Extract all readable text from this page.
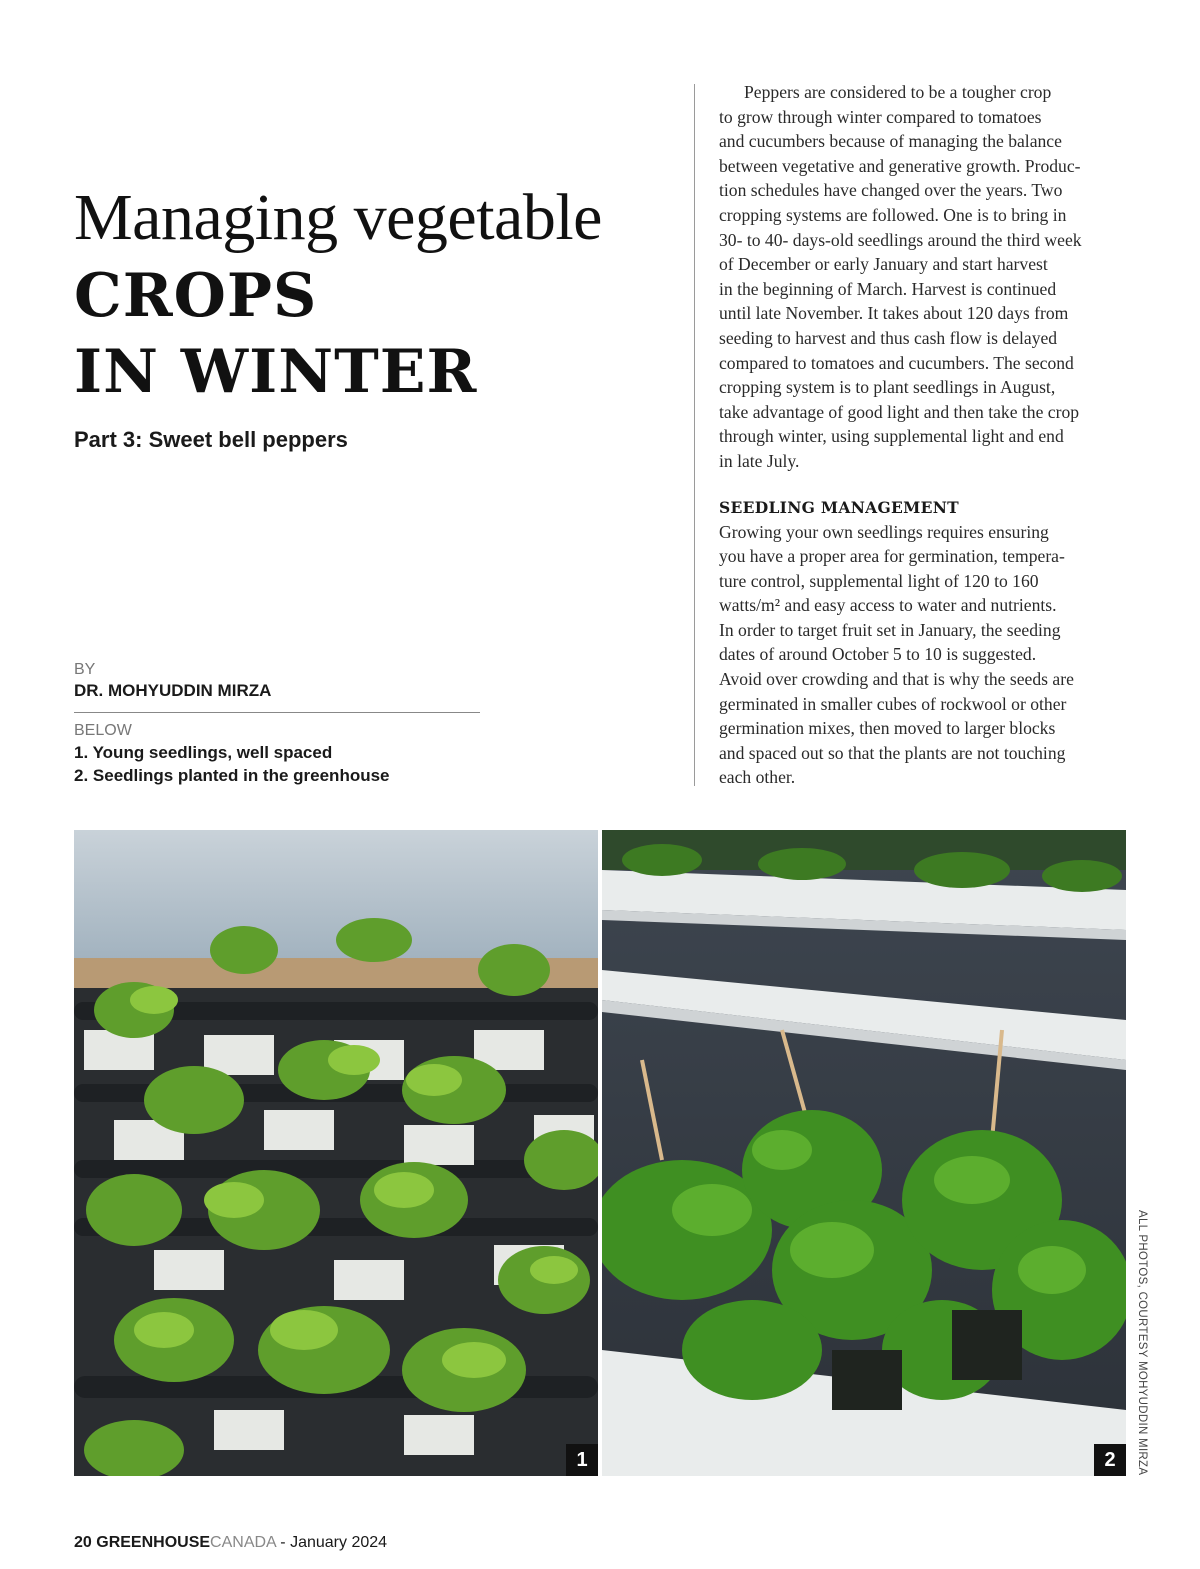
Managing vegetable
CROPS
IN WINTER
Part 3: Sweet bell peppers
BY
DR. MOHYUDDIN MIRZA
BELOW
1. Young seedlings, well spaced
2. Seedlings planted in the greenhouse

Peppers are considered to be a tougher crop
to grow through winter compared to tomatoes
and cucumbers because of managing the balance
between vegetative and generative growth. Produc-
tion schedules have changed over the years. Two
cropping systems are followed. One is to bring in
30- to 40- days-old seedlings around the third week
of December or early January and start harvest
in the beginning of March. Harvest is continued
until late November. It takes about 120 days from
seeding to harvest and thus cash flow is delayed
compared to tomatoes and cucumbers. The second
cropping system is to plant seedlings in August,
take advantage of good light and then take the crop
through winter, using supplemental light and end
in late July.

SEEDLING MANAGEMENT

Growing your own seedlings requires ensuring
you have a proper area for germination, tempera-
ture control, supplemental light of 120 to 160
watts/m² and easy access to water and nutrients.
In order to target fruit set in January, the seeding
dates of around October 5 to 10 is suggested.
Avoid over crowding and that is why the seeds are
germinated in smaller cubes of rockwool or other
germination mixes, then moved to larger blocks
and spaced out so that the plants are not touching
each other.

1	2	ALL PHOTOS, COURTESY MOHYUDDIN MIRZA
20 GREENHOUSECANADA - January 2024
